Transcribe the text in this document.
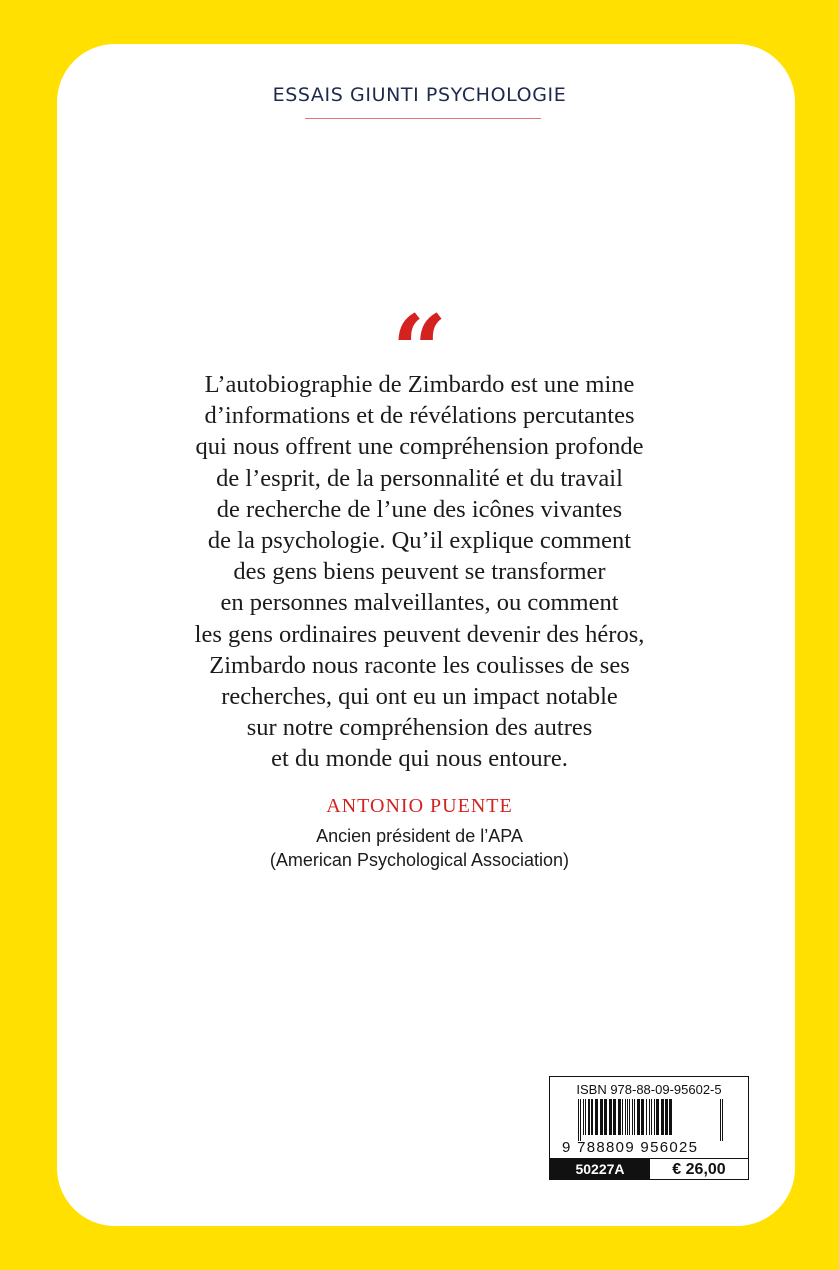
ESSAIS GIUNTI PSYCHOLOGIE
“
L’autobiographie de Zimbardo est une mine
d’informations et de révélations percutantes
qui nous offrent une compréhension profonde
de l’esprit, de la personnalité et du travail
de recherche de l’une des icônes vivantes
de la psychologie. Qu’il explique comment
des gens biens peuvent se transformer
en personnes malveillantes, ou comment
les gens ordinaires peuvent devenir des héros,
Zimbardo nous raconte les coulisses de ses
recherches, qui ont eu un impact notable
sur notre compréhension des autres
et du monde qui nous entoure.
ANTONIO PUENTE
Ancien président de l’APA
(American Psychological Association)
ISBN 978-88-09-95602-5
9 788809 956025
50227A	€ 26,00
